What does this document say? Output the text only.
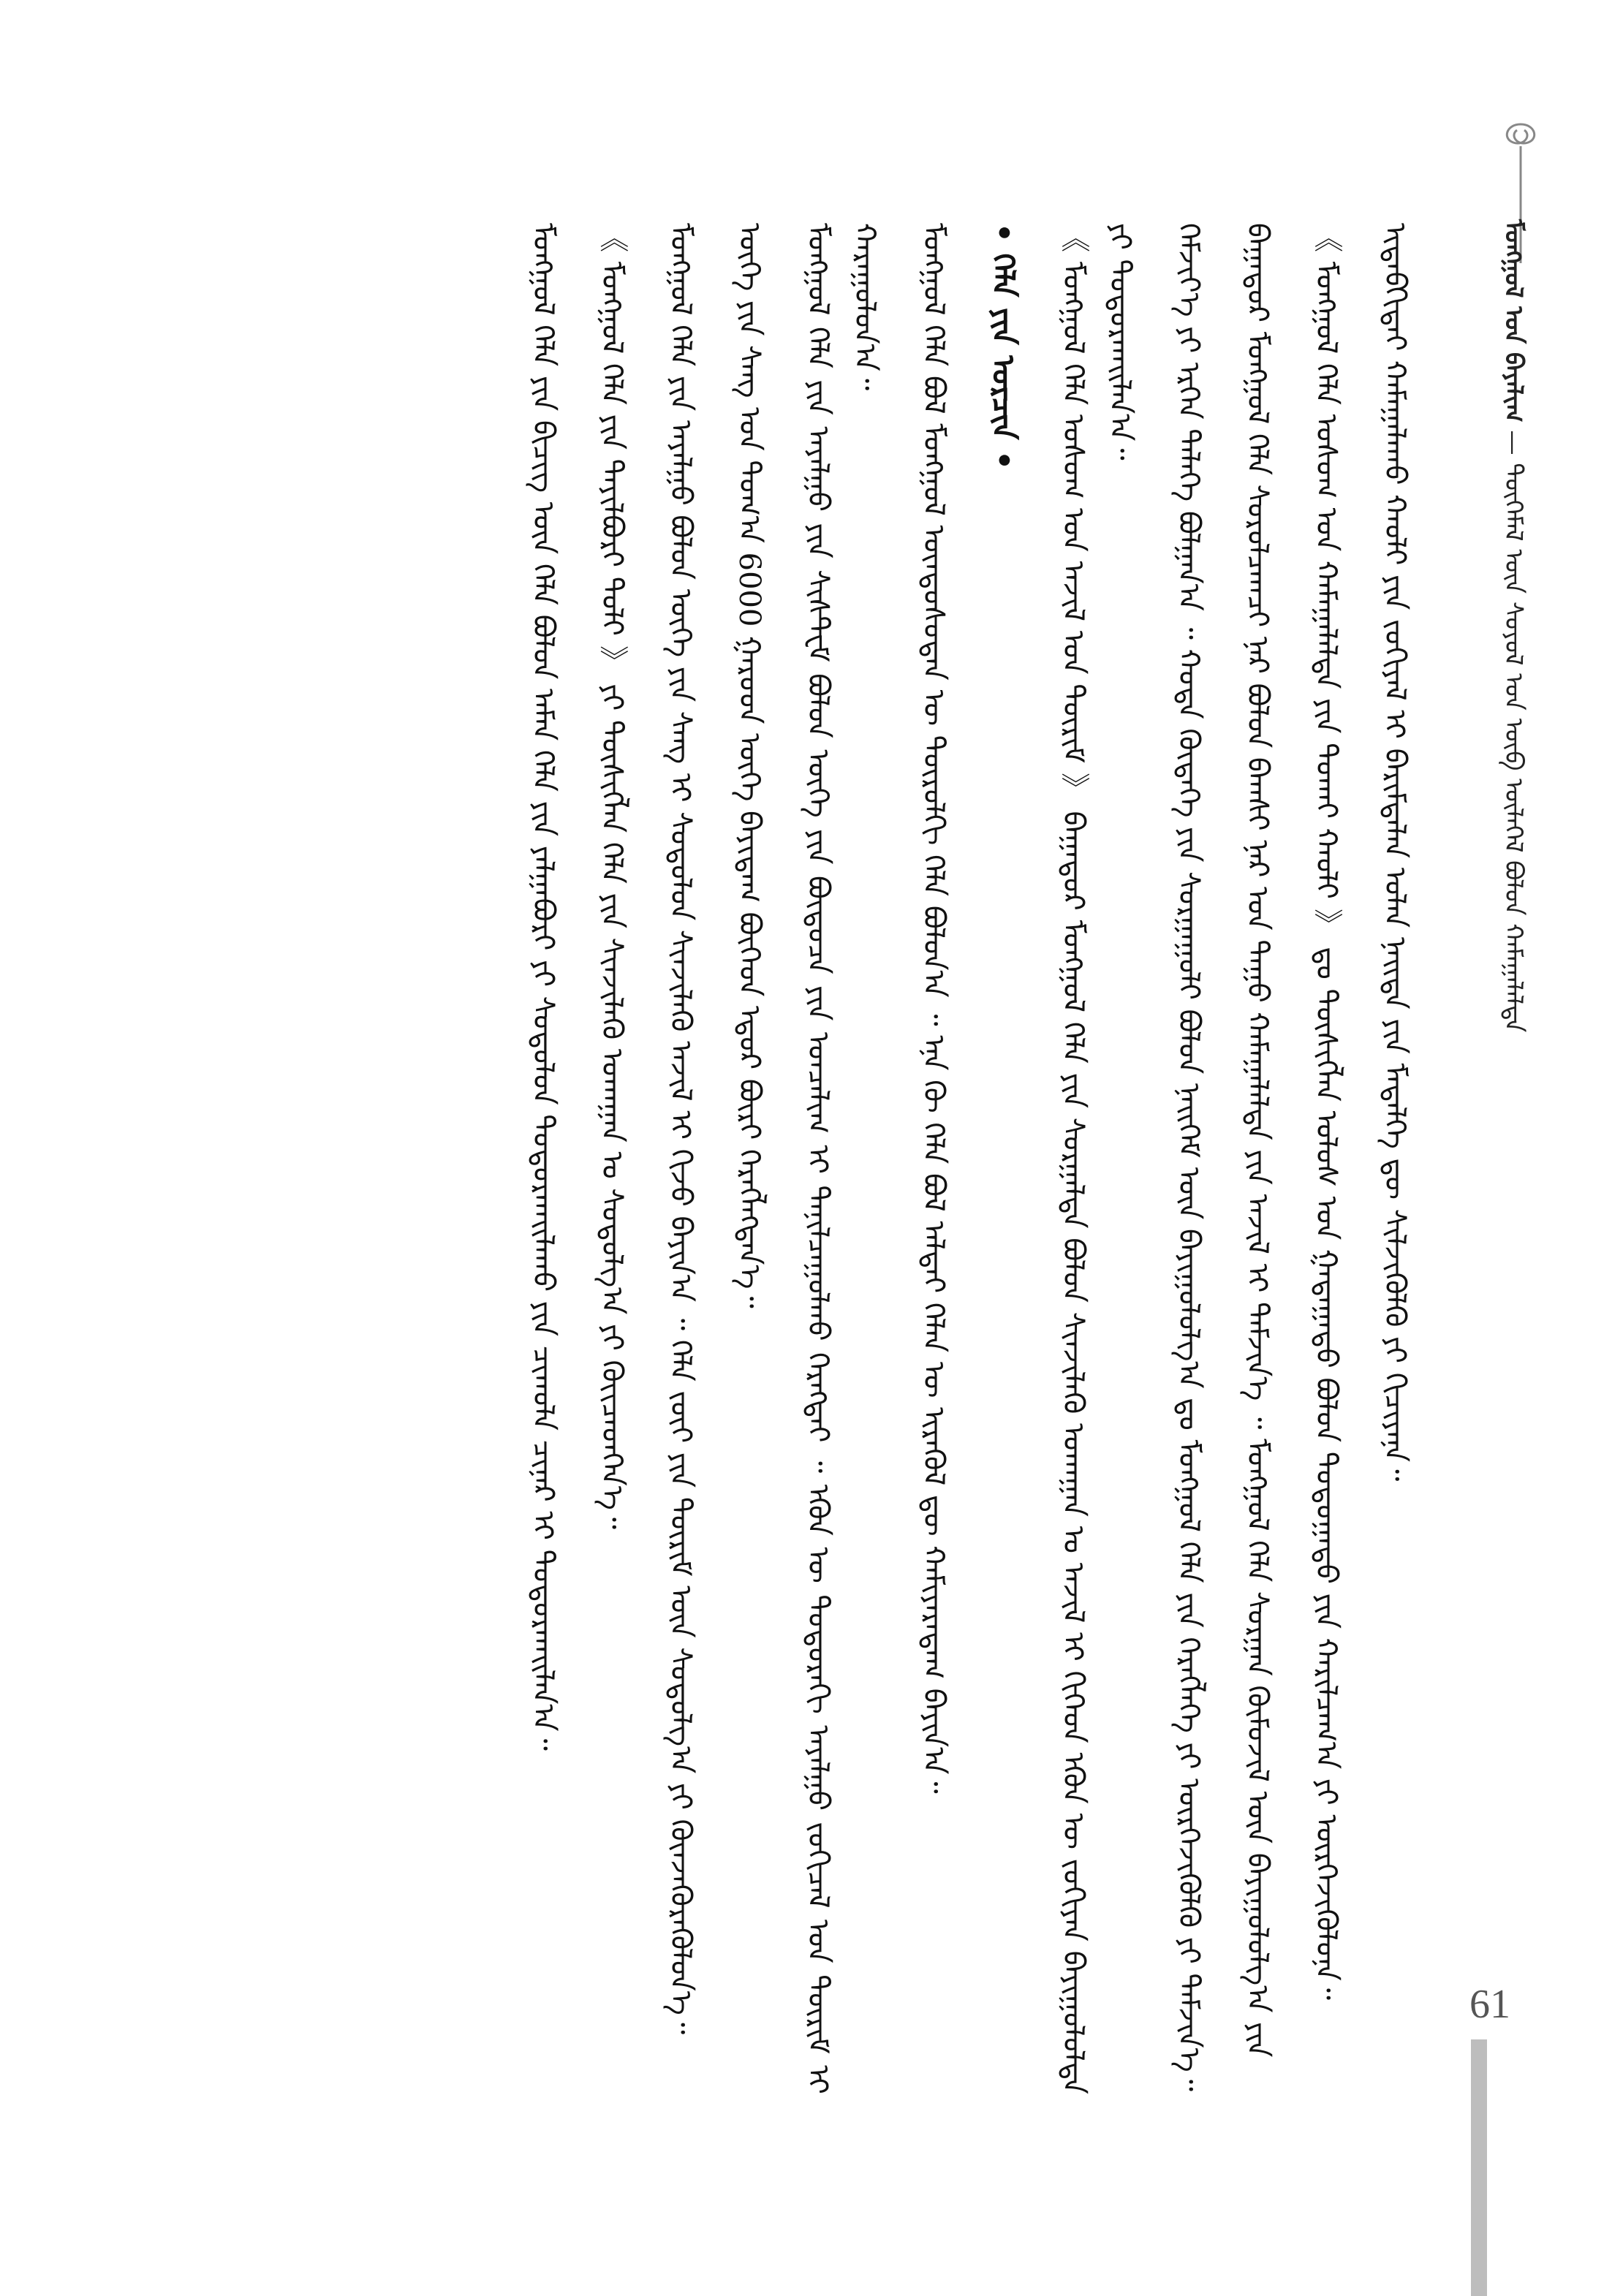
ᠮᠣᠩᠭᠣᠯ ᠤᠨ ᠪᠠᠶᠠᠯᠢᠭ — ᠲᠦᠭᠡᠮᠡᠯ ᠦᠨ ᠰᠣᠶᠣᠯ ᠤᠨ ᠦᠪ ᠦᠯᠡᠭᠡᠯ ᠪᠣᠯᠤᠨ ᠬᠠᠮᠠᠭᠠᠯᠠᠯᠲᠠ
61
ᠢᠳᠡᠪᠬᠢᠲᠡᠢ ᠬᠠᠮᠠᠭᠠᠯᠠᠬᠤ ᠬᠠᠤᠯᠢ ᠶᠢᠨ ᠵᠣᠬᠢᠶᠠᠯ ᠢ ᠪᠠᠷᠢᠮᠲᠠᠯᠠᠨ ᠣᠯᠠᠨ ᠨᠡᠢᠲᠡ ᠶᠢᠨ ᠮᠡᠳᠡᠯᠭᠡ ᠳᠦ ᠰᠢᠯᠵᠢᠭᠦᠯᠬᠦ ᠶᠢ ᠬᠢᠴᠢᠶᠡᠨᠡ᠃
《 ᠮᠣᠩᠭᠣᠯ ᠬᠡᠯᠡ ᠤᠰᠤᠭ ᠤᠨ ᠬᠠᠮᠠᠭᠠᠯᠠᠯᠲᠠ ᠶᠢᠨ ᠲᠤᠬᠠᠢ ᠬᠠᠤᠯᠢ 》 ᠳᠤ ᠲᠦᠰᠢᠭᠯᠡᠨ ᠤᠯᠤᠰ ᠤᠨ ᠭᠠᠳᠠᠭᠠᠳᠤ ᠪᠣᠯᠤᠨ ᠳᠣᠲᠣᠭᠠᠳᠤ ᠶᠢᠨ ᠬᠠᠷᠢᠯᠴᠠᠭ᠎ᠠ ᠶᠢ ᠥᠷᠭᠡᠵᠢᠭᠦᠯᠦᠨᠡ᠃
ᠪᠠᠭᠠᠳᠤᠷ ᠮᠣᠩᠭᠣᠯ ᠬᠡᠯᠡ ᠰᠤᠷᠤᠯᠴᠠᠭᠴᠢ ᠨᠠᠷ ᠪᠣᠯᠤᠨ ᠪᠠᠭᠰᠢ ᠨᠠᠷ ᠤᠨ ᠳᠠᠭᠤ ᠬᠠᠮᠠᠭᠠᠯᠠᠯᠲᠠ ᠶᠢᠨ ᠠᠵᠢᠯ ᠢ ᠳᠡᠮᠵᠢᠨ᠎ᠡ ᠃ ᠮᠣᠩᠭᠣᠯ ᠬᠡᠯᠡ ᠰᠤᠷᠭᠠᠨ ᠬᠦᠮᠦᠵᠢᠯ ᠦᠨ ᠪᠠᠶᠢᠭᠤᠯᠤᠯᠭ᠎ᠠ ᠶᠢᠨ
ᠬᠡᠮᠵᠢᠶ᠎ᠡ ᠶᠢ ᠡᠷᠭᠡᠨ ᠳᠡᠯᠡᠭᠡ ᠪᠣᠯᠭᠠᠨ᠎ᠠ ᠃ ᠬᠣᠲᠠ ᠬᠦᠳᠡᠭᠡ ᠶᠢᠨ ᠰᠤᠷᠭᠠᠭᠤᠯᠢ ᠪᠣᠯᠤᠨ ᠨᠡᠢᠭᠡᠮ ᠦᠨ ᠪᠠᠶᠢᠭᠤᠯᠤᠯᠭ᠎ᠠ ᠳᠤ ᠮᠣᠩᠭᠣᠯ ᠬᠡᠯᠡ ᠶᠢᠨ ᠬᠡᠷᠡᠭᠯᠡᠭᠡ ᠶᠢ ᠥᠷᠭᠡᠵᠢᠭᠦᠯᠬᠦ ᠶᠢ ᠳᠡᠮᠵᠢᠨ᠎ᠡ᠃
《 ᠮᠣᠩᠭᠣᠯ ᠬᠡᠯᠡ ᠤᠰᠤᠭ ᠤᠨ ᠠᠵᠢᠯ ᠤᠨ ᠳᠦᠷᠢᠮ 》 ᠪᠠᠭᠠᠳᠤᠷ ᠮᠣᠩᠭᠣᠯ ᠬᠡᠯᠡ ᠶᠢᠨ ᠰᠤᠷᠭᠠᠯᠲᠠ ᠪᠣᠯᠤᠨ ᠰᠢᠨᠵᠢᠯᠡᠬᠦ ᠤᠬᠠᠭᠠᠨ ᠤ ᠠᠵᠢᠯ ᠢ ᠬᠢᠭᠡᠳ ᠡᠭᠦᠨ ᠦ ᠵᠣᠬᠢᠶᠠᠨ ᠪᠠᠶᠢᠭᠤᠯᠤᠯᠲᠠ ᠶᠢ ᠲᠣᠳᠣᠷᠬᠠᠢᠯᠠᠨ᠎ᠠ᠃
• ᠬᠡᠯᠡ ᠶᠢᠨ ᠣᠷᠴᠢᠨ •
ᠮᠣᠩᠭᠣᠯ ᠬᠡᠯᠡ ᠪᠣᠯ ᠮᠣᠩᠭᠣᠯ ᠦᠨᠳᠦᠰᠦᠲᠡᠨ ᠦ ᠲᠥᠷᠦᠯᠬᠢ ᠬᠡᠯᠡ ᠪᠣᠯᠤᠨ᠎ᠠ ᠃ ᠡᠨᠡ ᠬᠦ ᠬᠡᠯᠡ ᠪᠣᠯ ᠠᠯᠲᠠᠢ ᠬᠡᠯᠡᠨ ᠦ ᠢᠷᠡᠭᠦᠯ ᠳᠦ ᠬᠠᠮᠢᠶᠠᠷᠠᠳᠠᠭ ᠪᠠᠶᠢᠨ᠎ᠠ᠃
ᠮᠣᠩᠭᠣᠯ ᠬᠡᠯᠡ ᠶᠢᠨ ᠠᠶᠠᠯᠭᠤ ᠶᠢᠨ ᠰᠢᠰᠲ᠋ᠧᠮ ᠪᠣᠯᠤᠨ ᠦᠭᠡ ᠶᠢᠨ ᠪᠦᠲᠦᠴᠡ ᠶᠢᠨ ᠣᠨᠴᠠᠯᠢᠭ ᠢ ᠲᠠᠨᠢᠯᠴᠠᠭᠤᠯᠬᠤ ᠬᠡᠷᠡᠭᠲᠡᠢ ᠃ ᠡᠭᠦᠨ ᠦ ᠳᠣᠲᠣᠷᠠᠬᠢ ᠠᠶᠠᠯᠭᠤ ᠵᠣᠬᠢᠴᠠᠯ ᠤᠨ ᠳᠦᠷᠢᠮ ᠢ ᠬᠠᠷᠠᠭᠤᠯᠤᠨ᠎ᠠ᠃
ᠦᠭᠡ ᠶᠢᠨ ᠰᠠᠩ ᠤᠨ ᠲᠣᠭ᠎ᠠ 6000 ᠭᠠᠷᠤᠳ ᠦᠭᠡ ᠪᠠᠶᠢᠳᠠᠭ ᠪᠥᠭᠡᠳ ᠡᠳᠦᠷ ᠪᠦᠷᠢ ᠬᠡᠷᠡᠭᠯᠡᠭᠳᠡᠨ᠎ᠡ᠃
ᠮᠣᠩᠭᠣᠯ ᠬᠡᠯᠡ ᠶᠢᠨ ᠠᠶᠠᠯᠭᠤ ᠪᠣᠯᠤᠨ ᠦᠭᠡ ᠶᠢᠨ ᠰᠠᠩ ᠢ ᠰᠤᠳᠤᠯᠤᠨ ᠰᠢᠨᠵᠢᠯᠡᠬᠦ ᠠᠵᠢᠯ ᠢ ᠬᠢᠵᠦ ᠪᠠᠶᠢᠨ᠎ᠠ ᠃ ᠬᠡᠯᠡ ᠵᠦᠢ ᠶᠢᠨ ᠳᠦᠷᠢᠮ ᠦᠨ ᠰᠤᠳᠤᠯᠭ᠎ᠠ ᠶᠢ ᠭᠦᠨᠵᠡᠭᠦᠷᠡᠭᠦᠯᠦᠨ᠎ᠡ᠃
《 ᠮᠣᠩᠭᠣᠯ ᠬᠡᠯᠡ ᠶᠢᠨ ᠲᠠᠶᠢᠯᠪᠤᠷᠢ ᠲᠣᠯᠢ 》 ᠶᠢ ᠲᠦᠰᠢᠭᠯᠡᠨ ᠬᠡᠯᠡ ᠶᠢᠨ ᠰᠢᠨᠵᠢᠯᠡᠬᠦ ᠤᠬᠠᠭᠠᠨ ᠤ ᠰᠤᠳᠤᠯᠭ᠎ᠠ ᠶᠢ ᠭᠦᠢᠴᠡᠳᠬᠡᠨ᠎ᠡ᠃
ᠮᠣᠩᠭᠣᠯ ᠬᠡᠯᠡ ᠶᠢᠨ ᠪᠢᠴᠢᠭ ᠦᠨ ᠬᠡᠯᠡ ᠪᠣᠯᠤᠨ ᠠᠮᠠᠨ ᠬᠡᠯᠡ ᠶᠢᠨ ᠶᠠᠯᠭᠠᠪᠤᠷᠢ ᠶᠢ ᠰᠤᠳᠤᠯᠤᠨ ᠲᠣᠳᠣᠷᠬᠠᠢᠯᠠᠬᠤ ᠶᠢᠨ ᠴᠢᠬᠤᠯᠠ ᠴᠢᠨᠠᠷ ᠢ ᠲᠣᠳᠣᠷᠬᠠᠢᠯᠠᠨ᠎ᠠ᠃
